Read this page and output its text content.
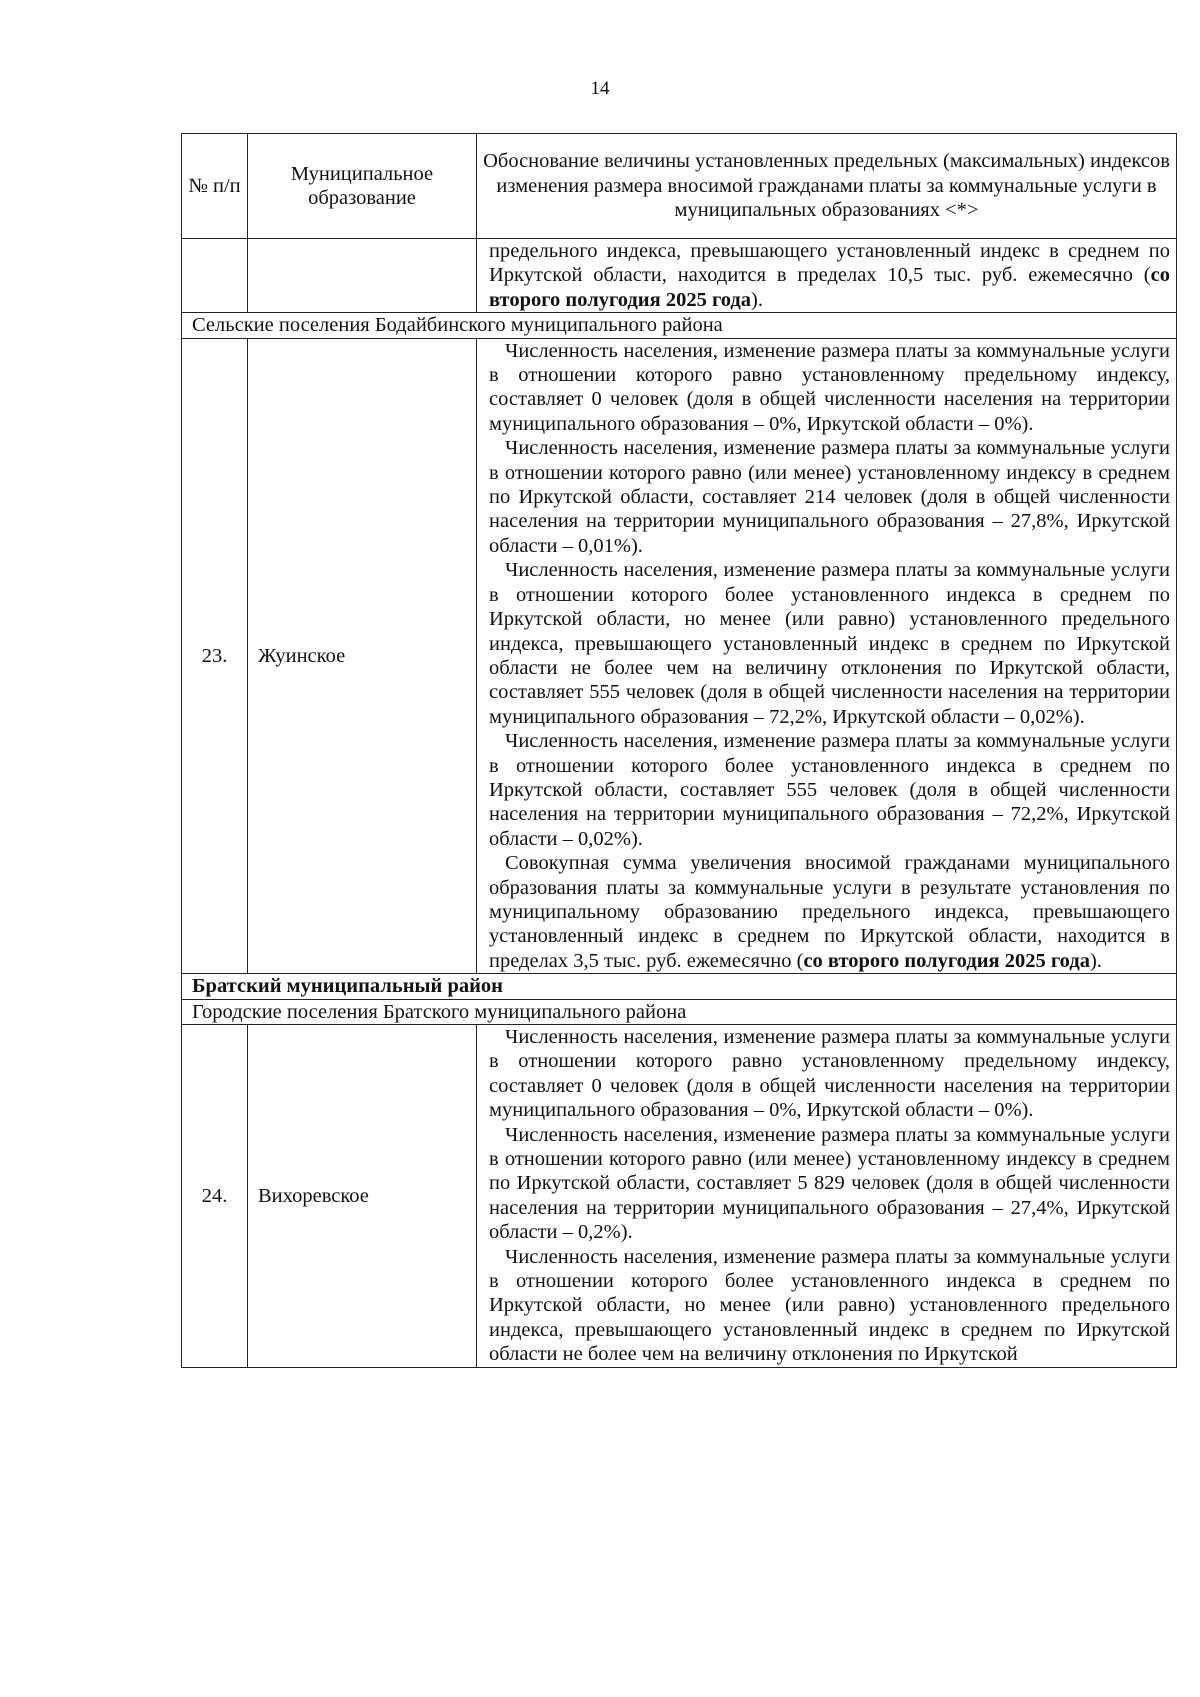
14
№ п/п	Муниципальное образование	Обоснование величины установленных предельных (максимальных) индексов изменения размера вносимой гражданами платы за коммунальные услуги в муниципальных образованиях <*>

		предельного индекса, превышающего установленный индекс в среднем по Иркутской области, находится в пределах 10,5 тыс. руб. ежемесячно (со второго полугодия 2025 года).

Сельские поселения Бодайбинского муниципального района		
23.	Жуинское	Численность населения, изменение размера платы за коммунальные услуги в отношении которого равно установленному предельному индексу, составляет 0 человек (доля в общей численности населения на территории муниципального образования – 0%, Иркутской области – 0%).
Численность населения, изменение размера платы за коммунальные услуги в отношении которого равно (или менее) установленному индексу в среднем по Иркутской области, составляет 214 человек (доля в общей численности населения на территории муниципального образования – 27,8%, Иркутской области – 0,01%).
Численность населения, изменение размера платы за коммунальные услуги в отношении которого более установленного индекса в среднем по Иркутской области, но менее (или равно) установленного предельного индекса, превышающего установленный индекс в среднем по Иркутской области не более чем на величину отклонения по Иркутской области, составляет 555 человек (доля в общей численности населения на территории муниципального образования – 72,2%, Иркутской области – 0,02%).
Численность населения, изменение размера платы за коммунальные услуги в отношении которого более установленного индекса в среднем по Иркутской области, составляет 555 человек (доля в общей численности населения на территории муниципального образования – 72,2%, Иркутской области – 0,02%).
Совокупная сумма увеличения вносимой гражданами муниципального образования платы за коммунальные услуги в результате установления по муниципальному образованию предельного индекса, превышающего установленный индекс в среднем по Иркутской области, находится в пределах 3,5 тыс. руб. ежемесячно (со второго полугодия 2025 года).

Братский муниципальный район		
Городские поселения Братского муниципального района		
24.	Вихоревское	Численность населения, изменение размера платы за коммунальные услуги в отношении которого равно установленному предельному индексу, составляет 0 человек (доля в общей численности населения на территории муниципального образования – 0%, Иркутской области – 0%).
Численность населения, изменение размера платы за коммунальные услуги в отношении которого равно (или менее) установленному индексу в среднем по Иркутской области, составляет 5 829 человек (доля в общей численности населения на территории муниципального образования – 27,4%, Иркутской области – 0,2%).
Численность населения, изменение размера платы за коммунальные услуги в отношении которого более установленного индекса в среднем по Иркутской области, но менее (или равно) установленного предельного индекса, превышающего установленный индекс в среднем по Иркутской области не более чем на величину отклонения по Иркутской
